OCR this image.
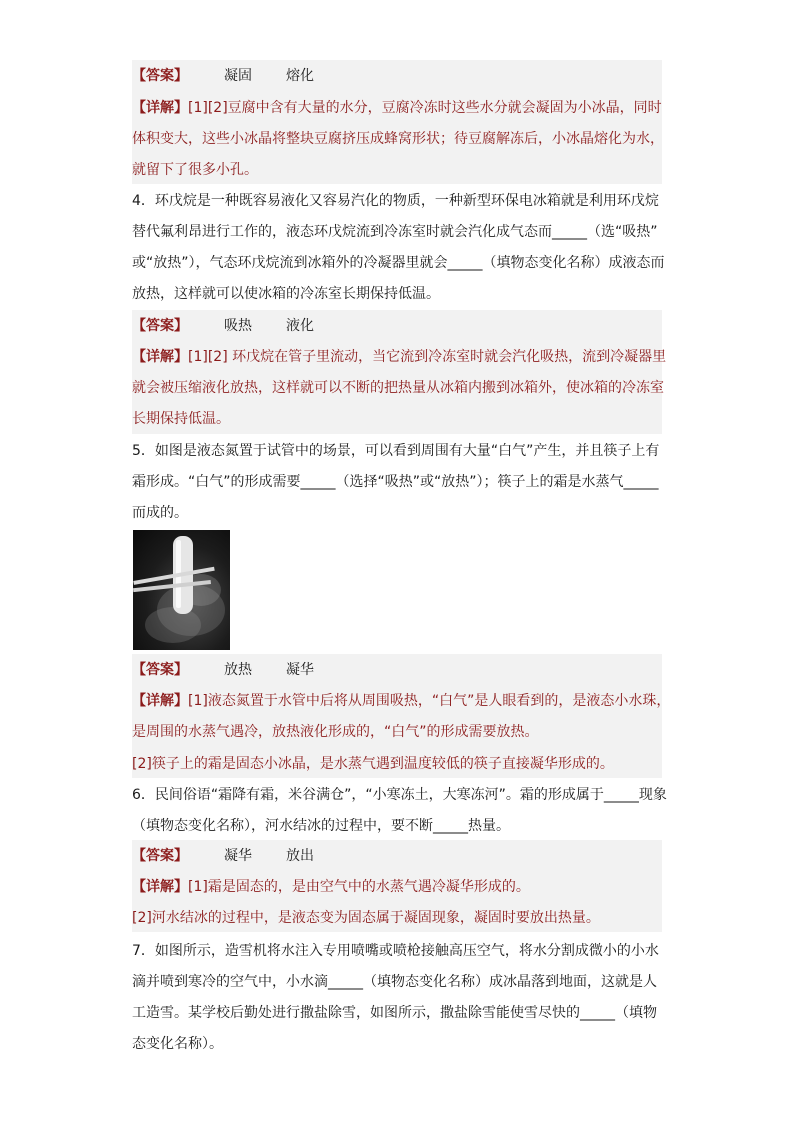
【答案】	凝固 熔化
【详解】[1][2]豆腐中含有大量的水分，豆腐冷冻时这些水分就会凝固为小冰晶，同时
体积变大，这些小冰晶将整块豆腐挤压成蜂窝形状；待豆腐解冻后，小冰晶熔化为水，
就留下了很多小孔。
4．环戊烷是一种既容易液化又容易汽化的物质，一种新型环保电冰箱就是利用环戊烷
替代氟利昂进行工作的，液态环戊烷流到冷冻室时就会汽化成气态而_____（选“吸热”
或“放热”），气态环戊烷流到冰箱外的冷凝器里就会_____（填物态变化名称）成液态而
放热，这样就可以使冰箱的冷冻室长期保持低温。
【答案】	吸热 液化
【详解】[1][2] 环戊烷在管子里流动，当它流到冷冻室时就会汽化吸热，流到冷凝器里
就会被压缩液化放热，这样就可以不断的把热量从冰箱内搬到冰箱外，使冰箱的冷冻室
长期保持低温。
5．如图是液态氮置于试管中的场景，可以看到周围有大量“白气”产生，并且筷子上有
霜形成。“白气”的形成需要_____（选择“吸热”或“放热”）；筷子上的霜是水蒸气_____
而成的。
【答案】	放热 凝华
【详解】[1]液态氮置于水管中后将从周围吸热，“白气”是人眼看到的，是液态小水珠，
是周围的水蒸气遇冷，放热液化形成的，“白气”的形成需要放热。
[2]筷子上的霜是固态小冰晶，是水蒸气遇到温度较低的筷子直接凝华形成的。
6．民间俗语“霜降有霜，米谷满仓”，“小寒冻土，大寒冻河”。霜的形成属于_____现象
（填物态变化名称），河水结冰的过程中，要不断_____热量。
【答案】	凝华 放出
【详解】[1]霜是固态的，是由空气中的水蒸气遇冷凝华形成的。
[2]河水结冰的过程中，是液态变为固态属于凝固现象，凝固时要放出热量。
7．如图所示，造雪机将水注入专用喷嘴或喷枪接触高压空气，将水分割成微小的小水
滴并喷到寒冷的空气中，小水滴_____（填物态变化名称）成冰晶落到地面，这就是人
工造雪。某学校后勤处进行撒盐除雪，如图所示，撒盐除雪能使雪尽快的_____（填物
态变化名称）。
